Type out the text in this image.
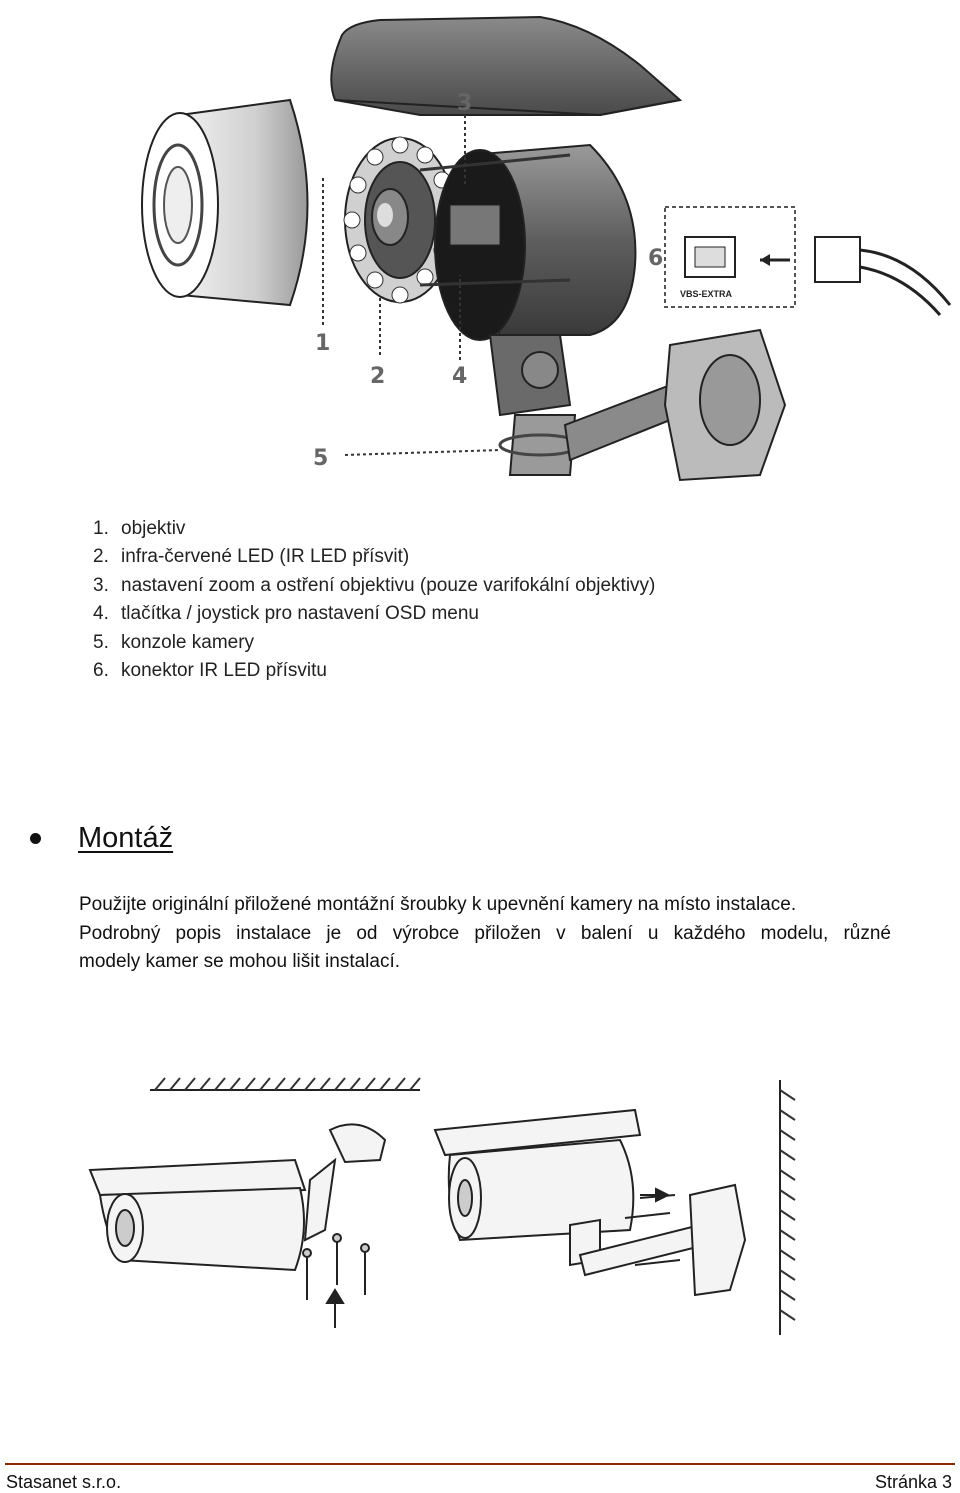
VBS-EXTRA
1
2
3
4
5
6
1. objektiv
2. infra-červené LED (IR LED přísvit)
3. nastavení zoom a ostření objektivu (pouze varifokální objektivy)
4. tlačítka / joystick pro nastavení OSD menu
5. konzole kamery
6. konektor IR LED přísvitu
Montáž

Použijte originální přiložené montážní šroubky k upevnění kamery na místo instalace.
Podrobný popis instalace je od výrobce přiložen v balení u každého modelu, různé
modely kamer se mohou lišit instalací.

Stasanet s.r.o.	Stránka 3
